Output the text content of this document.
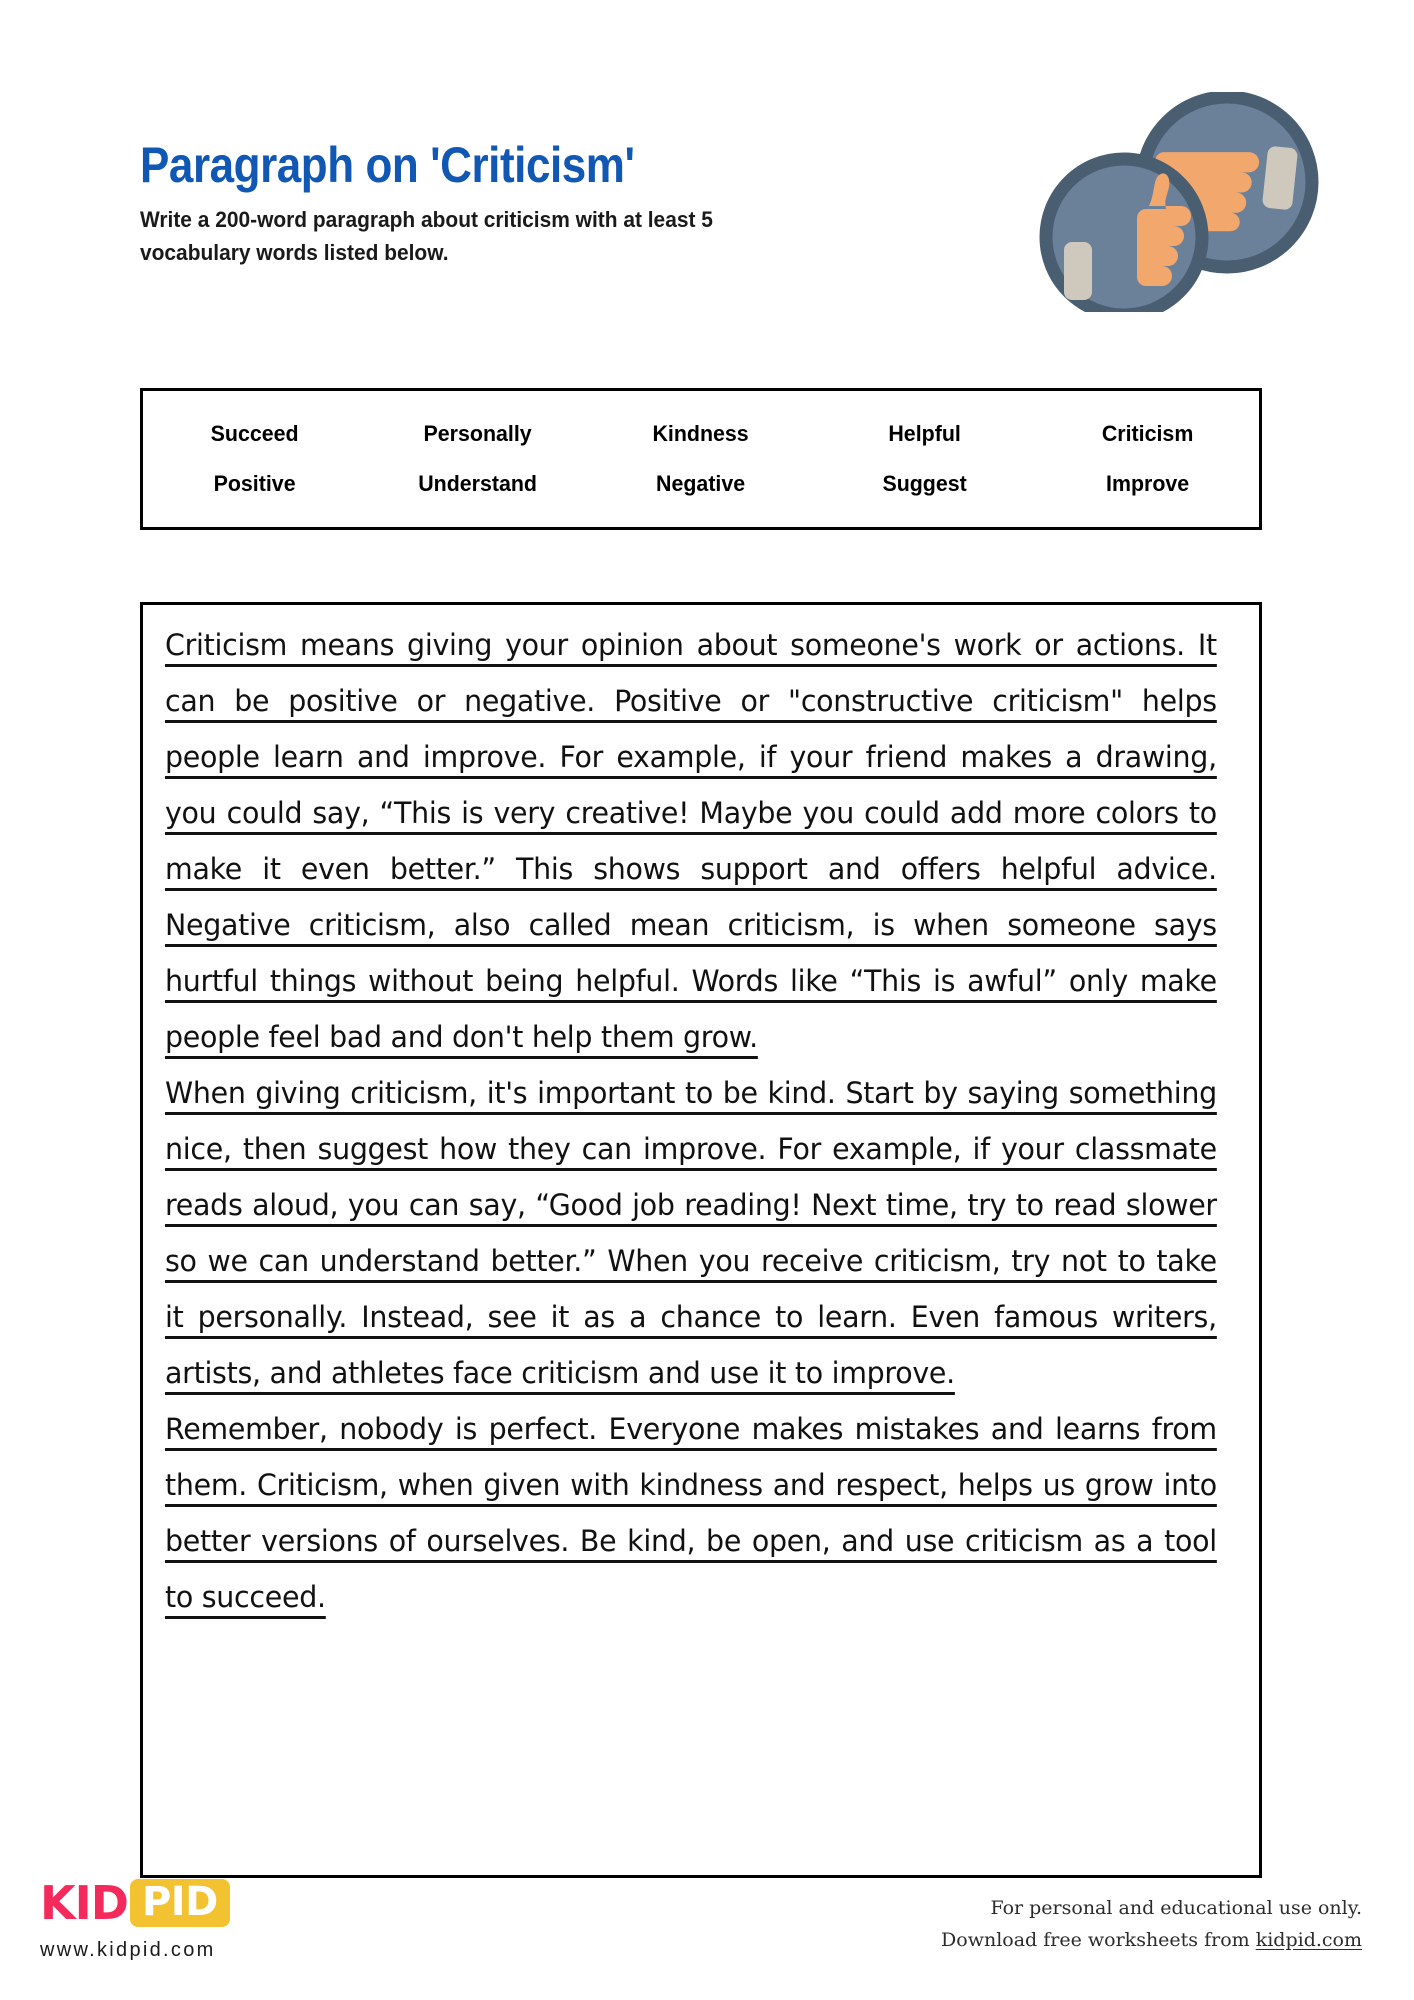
Paragraph on 'Criticism'

Write a 200-word paragraph about criticism with at least 5 vocabulary words listed below.

Succeed	Personally	Kindness	Helpful	Criticism
Positive	Understand	Negative	Suggest	Improve

Criticism means giving your opinion about someone's work or actions. It can be positive or negative. Positive or "constructive criticism" helps people learn and improve. For example, if your friend makes a drawing, you could say, “This is very creative! Maybe you could add more colors to make it even better.” This shows support and offers helpful advice. Negative criticism, also called mean criticism, is when someone says hurtful things without being helpful. Words like “This is awful” only make people feel bad and don't help them grow.

When giving criticism, it's important to be kind. Start by saying something nice, then suggest how they can improve. For example, if your classmate reads aloud, you can say, “Good job reading! Next time, try to read slower so we can understand better.” When you receive criticism, try not to take it personally. Instead, see it as a chance to learn. Even famous writers, artists, and athletes face criticism and use it to improve.

Remember, nobody is perfect. Everyone makes mistakes and learns from them. Criticism, when given with kindness and respect, helps us grow into better versions of ourselves. Be kind, be open, and use criticism as a tool to succeed.

KID PID
www.kidpid.com
For personal and educational use only.
Download free worksheets from kidpid.com
